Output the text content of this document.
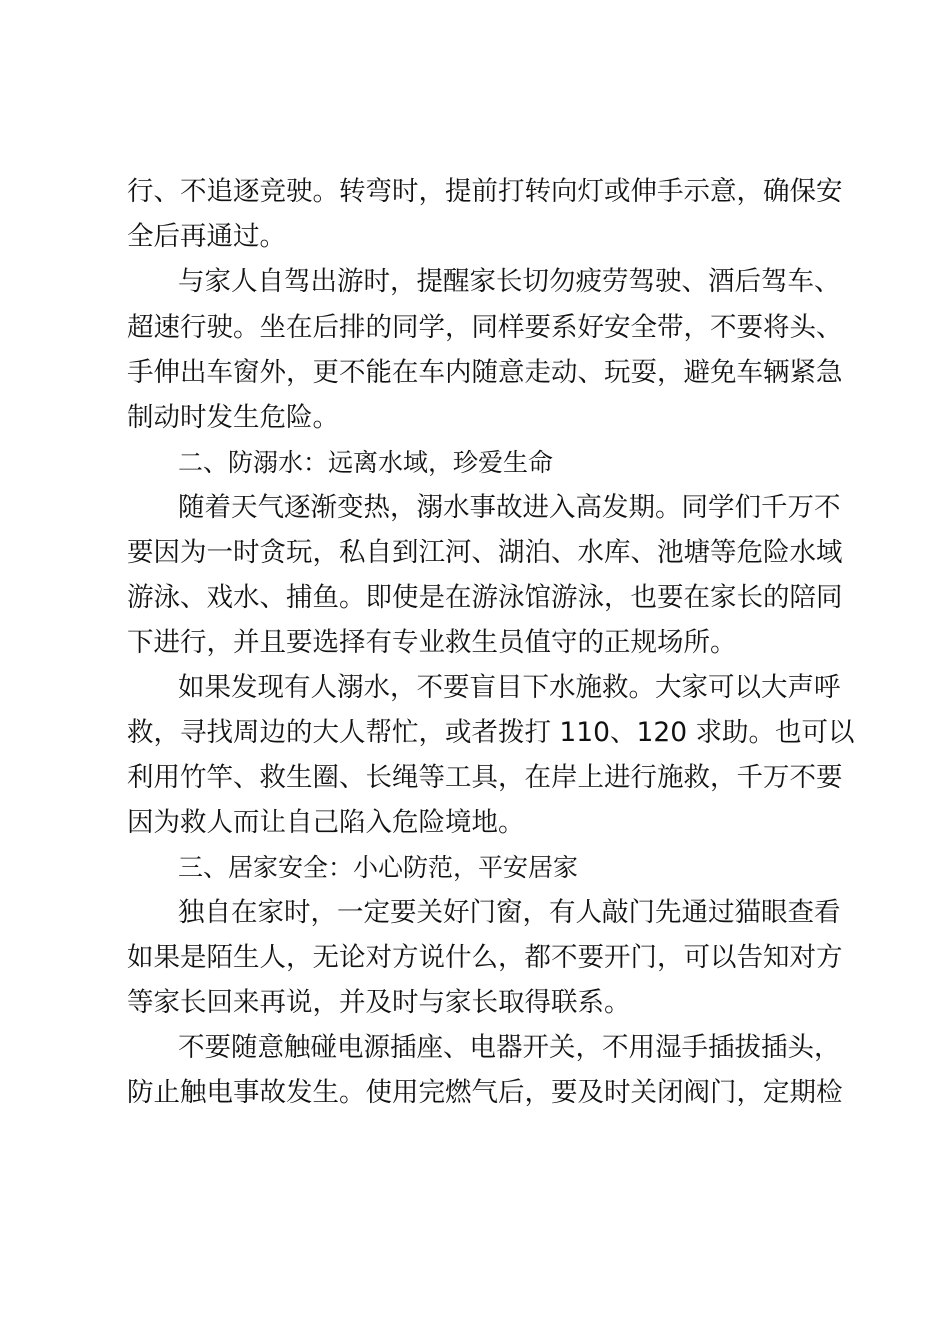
行、不追逐竞驶。转弯时，提前打转向灯或伸手示意，确保安
全后再通过。
与家人自驾出游时，提醒家长切勿疲劳驾驶、酒后驾车、
超速行驶。坐在后排的同学，同样要系好安全带，不要将头、
手伸出车窗外，更不能在车内随意走动、玩耍，避免车辆紧急
制动时发生危险。
二、防溺水：远离水域，珍爱生命
随着天气逐渐变热，溺水事故进入高发期。同学们千万不
要因为一时贪玩，私自到江河、湖泊、水库、池塘等危险水域
游泳、戏水、捕鱼。即使是在游泳馆游泳，也要在家长的陪同
下进行，并且要选择有专业救生员值守的正规场所。
如果发现有人溺水，不要盲目下水施救。大家可以大声呼
救，寻找周边的大人帮忙，或者拨打 110、120 求助。也可以
利用竹竿、救生圈、长绳等工具，在岸上进行施救，千万不要
因为救人而让自己陷入危险境地。
三、居家安全：小心防范，平安居家
独自在家时，一定要关好门窗，有人敲门先通过猫眼查看
如果是陌生人，无论对方说什么，都不要开门，可以告知对方
等家长回来再说，并及时与家长取得联系。
不要随意触碰电源插座、电器开关，不用湿手插拔插头，
防止触电事故发生。使用完燃气后，要及时关闭阀门，定期检
